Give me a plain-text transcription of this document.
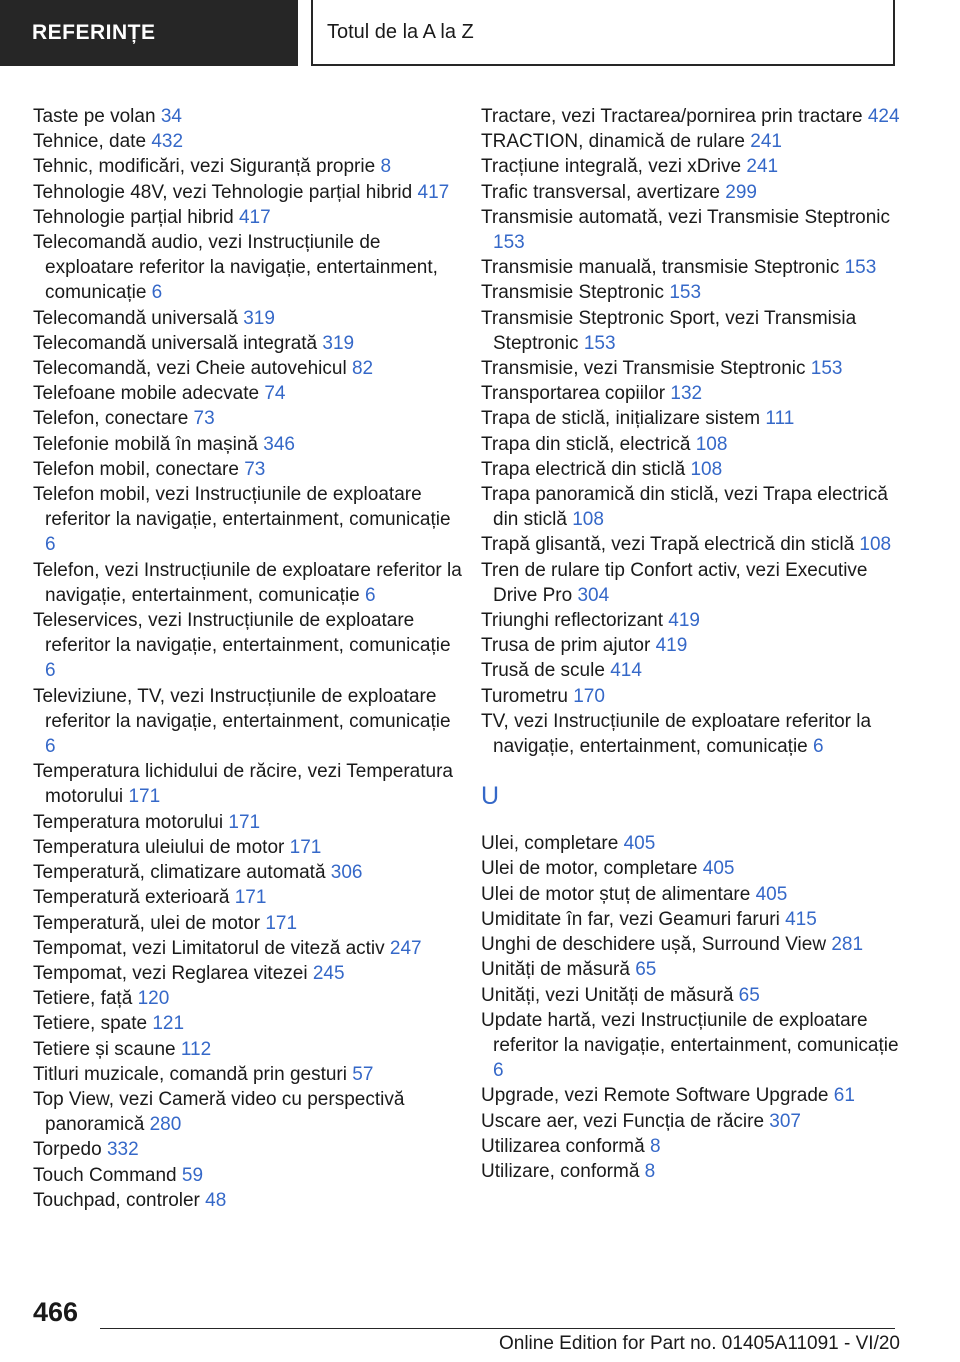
REFERINȚE	Totul de la A la Z
Taste pe volan 34
Tehnice, date 432
Tehnic, modificări, vezi Siguranță proprie 8
Tehnologie 48V, vezi Tehnologie parțial hibrid 417
Tehnologie parțial hibrid 417
Telecomandă audio, vezi Instrucțiunile de exploatare referitor la navigație, entertainment, comunicație 6
Telecomandă universală 319
Telecomandă universală integrată 319
Telecomandă, vezi Cheie autovehicul 82
Telefoane mobile adecvate 74
Telefon, conectare 73
Telefonie mobilă în mașină 346
Telefon mobil, conectare 73
Telefon mobil, vezi Instrucțiunile de exploatare referitor la navigație, entertainment, comunicație 6
Telefon, vezi Instrucțiunile de exploatare referitor la navigație, entertainment, comunicație 6
Teleservices, vezi Instrucțiunile de exploatare referitor la navigație, entertainment, comunicație 6
Televiziune, TV, vezi Instrucțiunile de exploatare referitor la navigație, entertainment, comunicație 6
Temperatura lichidului de răcire, vezi Temperatura motorului 171
Temperatura motorului 171
Temperatura uleiului de motor 171
Temperatură, climatizare automată 306
Temperatură exterioară 171
Temperatură, ulei de motor 171
Tempomat, vezi Limitatorul de viteză activ 247
Tempomat, vezi Reglarea vitezei 245
Tetiere, față 120
Tetiere, spate 121
Tetiere și scaune 112
Titluri muzicale, comandă prin gesturi 57
Top View, vezi Cameră video cu perspectivă panoramică 280
Torpedo 332
Touch Command 59
Touchpad, controler 48
Tractare, vezi Tractarea/pornirea prin tractare 424
TRACTION, dinamică de rulare 241
Tracțiune integrală, vezi xDrive 241
Trafic transversal, avertizare 299
Transmisie automată, vezi Transmisie Steptronic 153
Transmisie manuală, transmisie Steptronic 153
Transmisie Steptronic 153
Transmisie Steptronic Sport, vezi Transmisia Steptronic 153
Transmisie, vezi Transmisie Steptronic 153
Transportarea copiilor 132
Trapa de sticlă, inițializare sistem 111
Trapa din sticlă, electrică 108
Trapa electrică din sticlă 108
Trapa panoramică din sticlă, vezi Trapa electrică din sticlă 108
Trapă glisantă, vezi Trapă electrică din sticlă 108
Tren de rulare tip Confort activ, vezi Executive Drive Pro 304
Triunghi reflectorizant 419
Trusa de prim ajutor 419
Trusă de scule 414
Turometru 170
TV, vezi Instrucțiunile de exploatare referitor la navigație, entertainment, comunicație 6
U
Ulei, completare 405
Ulei de motor, completare 405
Ulei de motor ștuț de alimentare 405
Umiditate în far, vezi Geamuri faruri 415
Unghi de deschidere ușă, Surround View 281
Unități de măsură 65
Unități, vezi Unități de măsură 65
Update hartă, vezi Instrucțiunile de exploatare referitor la navigație, entertainment, comunicație 6
Upgrade, vezi Remote Software Upgrade 61
Uscare aer, vezi Funcția de răcire 307
Utilizarea conformă 8
Utilizare, conformă 8
466
Online Edition for Part no. 01405A11091 - VI/20
